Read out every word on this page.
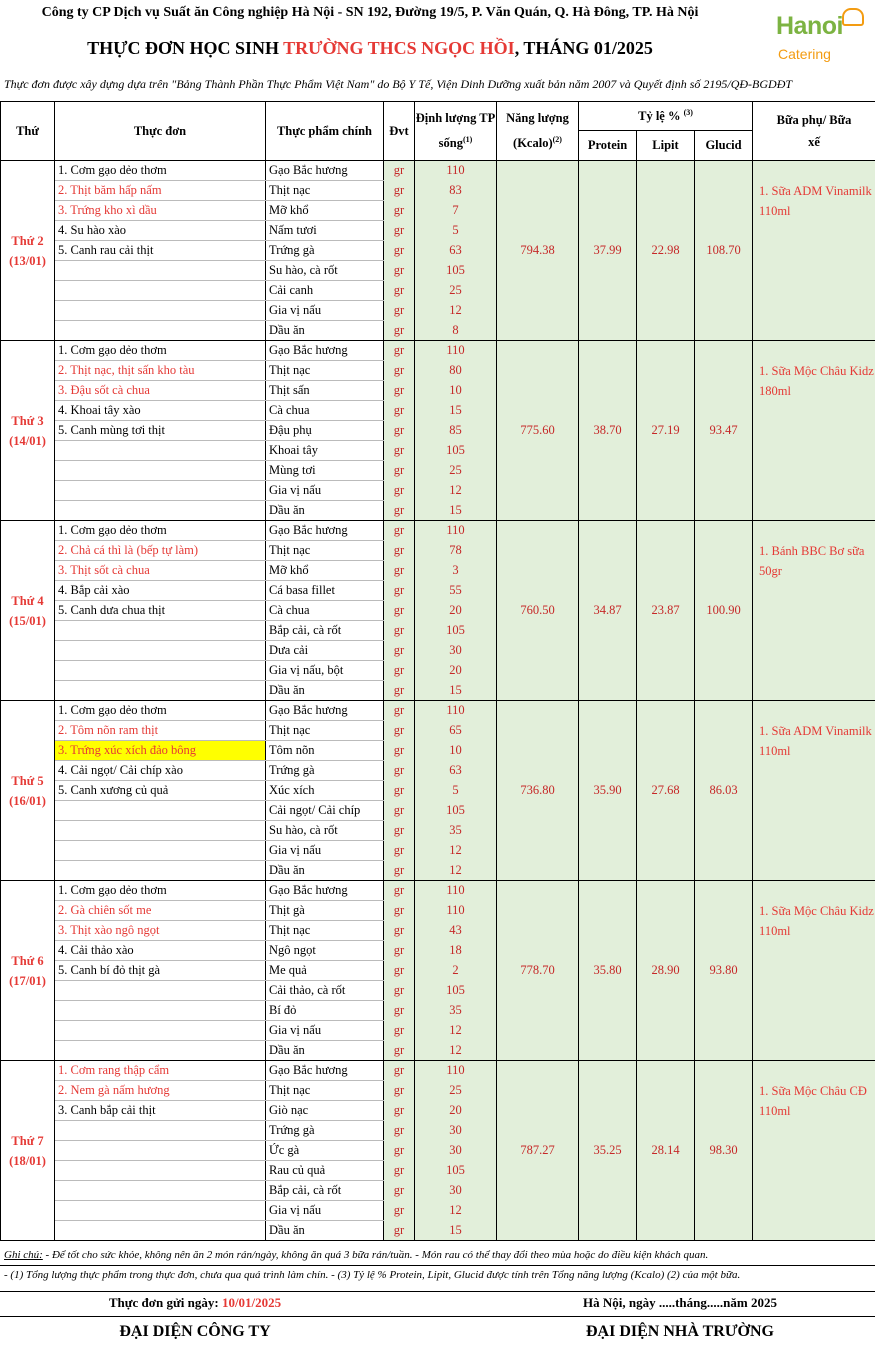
Công ty CP Dịch vụ Suất ăn Công nghiệp Hà Nội - SN 192, Đường 19/5, P. Văn Quán, Q. Hà Đông, TP. Hà Nội	Hanoi
Catering
THỰC ĐƠN HỌC SINH TRƯỜNG THCS NGỌC HỒI, THÁNG 01/2025
Thực đơn được xây dựng dựa trên "Bảng Thành Phần Thực Phẩm Việt Nam" do Bộ Y Tế, Viện Dinh Dưỡng xuất bản năm 2007 và Quyết định số 2195/QĐ-BGDĐT
Thứ	Thực đơn	Thực phẩm chính	Đvt	Định lượng TP sống$^{(1)}$	Năng lượng (Kcalo)$^{(2)}$	Tỷ lệ % $^{(3)}$			Bữa phụ/ Bữa xế
						Protein	Lipit	Glucid	

Thứ 2
(13/01)	1. Cơm gạo dẻo thơm	Gạo Bắc hương	gr	110	794.38	37.99	22.98	108.70	1. Sữa ADM Vinamilk 110ml
	2. Thịt băm hấp nấm	Thịt nạc	gr	83					
	3. Trứng kho xì dầu	Mỡ khổ	gr	7					
	4. Su hào xào	Nấm tươi	gr	5					
	5. Canh rau cải thịt	Trứng gà	gr	63					
		Su hào, cà rốt	gr	105					
		Cải canh	gr	25					
		Gia vị nấu	gr	12					
		Dầu ăn	gr	8					

Thứ 3
(14/01)	1. Cơm gạo dẻo thơm	Gạo Bắc hương	gr	110	775.60	38.70	27.19	93.47	1. Sữa Mộc Châu Kidz 180ml
	2. Thịt nạc, thịt sấn kho tàu	Thịt nạc	gr	80					
	3. Đậu sốt cà chua	Thịt sấn	gr	10					
	4. Khoai tây xào	Cà chua	gr	15					
	5. Canh mùng tơi thịt	Đậu phụ	gr	85					
		Khoai tây	gr	105					
		Mùng tơi	gr	25					
		Gia vị nấu	gr	12					
		Dầu ăn	gr	15					

Thứ 4
(15/01)	1. Cơm gạo dẻo thơm	Gạo Bắc hương	gr	110	760.50	34.87	23.87	100.90	1. Bánh BBC Bơ sữa 50gr
	2. Chả cá thì là (bếp tự làm)	Thịt nạc	gr	78					
	3. Thịt sốt cà chua	Mỡ khổ	gr	3					
	4. Bắp cải xào	Cá basa fillet	gr	55					
	5. Canh dưa chua thịt	Cà chua	gr	20					
		Bắp cải, cà rốt	gr	105					
		Dưa cải	gr	30					
		Gia vị nấu, bột	gr	20					
		Dầu ăn	gr	15					

Thứ 5
(16/01)	1. Cơm gạo dẻo thơm	Gạo Bắc hương	gr	110	736.80	35.90	27.68	86.03	1. Sữa ADM Vinamilk 110ml
	2. Tôm nõn ram thịt	Thịt nạc	gr	65					
	3. Trứng xúc xích đảo bông	Tôm nõn	gr	10					
	4. Cải ngọt/ Cải chíp xào	Trứng gà	gr	63					
	5. Canh xương củ quả	Xúc xích	gr	5					
		Cải ngọt/ Cải chíp	gr	105					
		Su hào, cà rốt	gr	35					
		Gia vị nấu	gr	12					
		Dầu ăn	gr	12					

Thứ 6
(17/01)	1. Cơm gạo dẻo thơm	Gạo Bắc hương	gr	110	778.70	35.80	28.90	93.80	1. Sữa Mộc Châu Kidz 110ml
	2. Gà chiên sốt me	Thịt gà	gr	110					
	3. Thịt xào ngô ngọt	Thịt nạc	gr	43					
	4. Cải thảo xào	Ngô ngọt	gr	18					
	5. Canh bí đỏ thịt gà	Me quả	gr	2					
		Cải thảo, cà rốt	gr	105					
		Bí đỏ	gr	35					
		Gia vị nấu	gr	12					
		Dầu ăn	gr	12					

Thứ 7
(18/01)	1. Cơm rang thập cẩm	Gạo Bắc hương	gr	110	787.27	35.25	28.14	98.30	1. Sữa Mộc Châu CĐ 110ml
	2. Nem gà nấm hương	Thịt nạc	gr	25					
	3. Canh bắp cải thịt	Giò nạc	gr	20					
		Trứng gà	gr	30					
		Ức gà	gr	30					
		Rau củ quả	gr	105					
		Bắp cải, cà rốt	gr	30					
		Gia vị nấu	gr	12					
		Dầu ăn	gr	15					
Ghi chú: - Để tốt cho sức khỏe, không nên ăn 2 món rán/ngày, không ăn quá 3 bữa rán/tuần. - Món rau có thể thay đổi theo mùa hoặc do điều kiện khách quan.
- (1) Tổng lượng thực phẩm trong thực đơn, chưa qua quá trình làm chín. - (3) Tỷ lệ % Protein, Lipit, Glucid được tính trên Tổng năng lượng (Kcalo) (2) của một bữa.
Thực đơn gửi ngày: 10/01/2025	Hà Nội, ngày .....tháng.....năm 2025
ĐẠI DIỆN CÔNG TY	ĐẠI DIỆN NHÀ TRƯỜNG
